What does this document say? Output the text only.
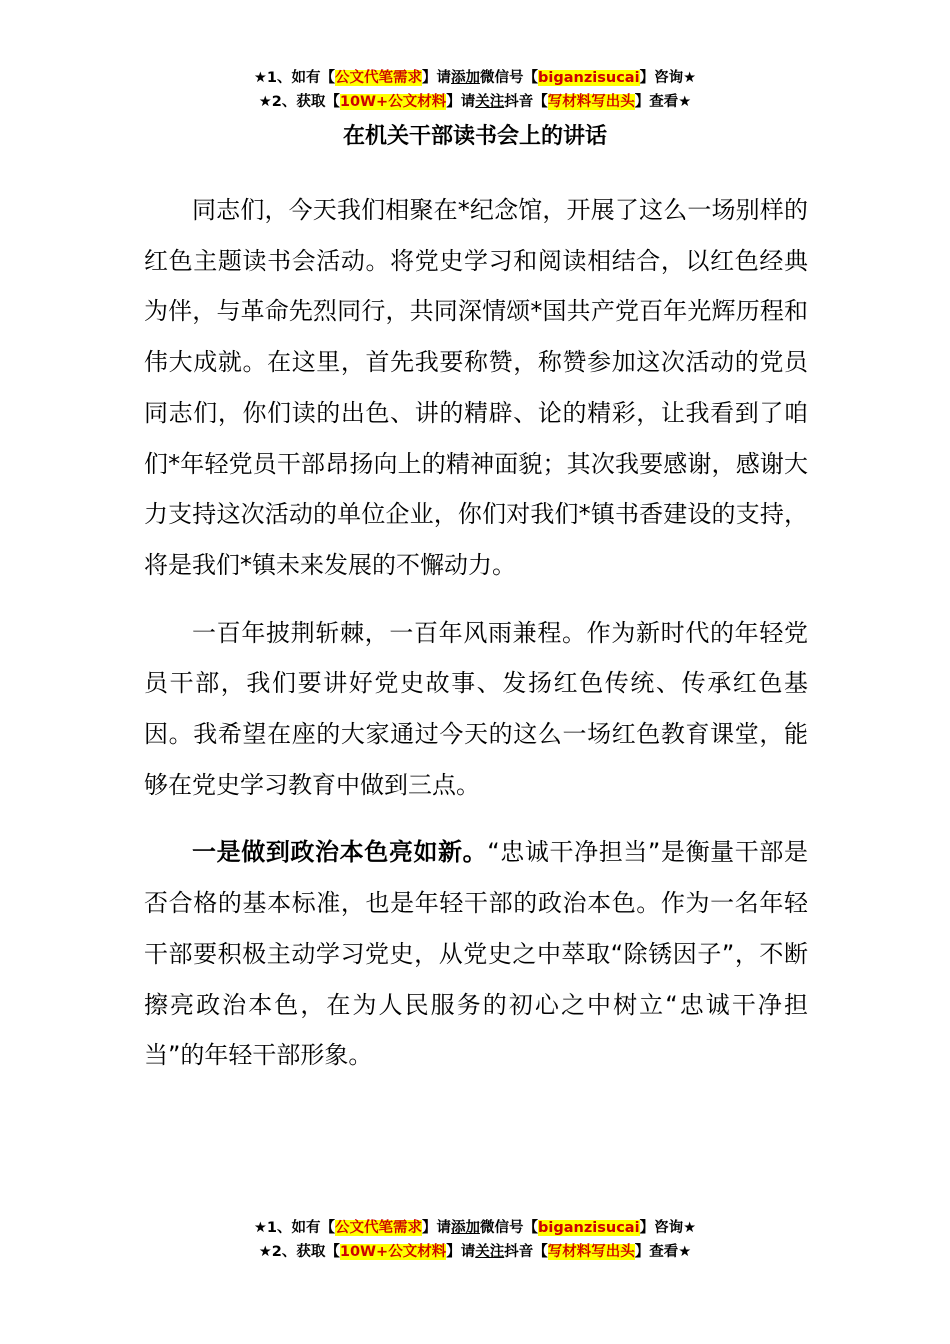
★1、如有【公文代笔需求】请添加微信号【biganzisucai】咨询★
★2、获取【10W+公文材料】请关注抖音【写材料写出头】查看★
在机关干部读书会上的讲话

同志们，今天我们相聚在*纪念馆，开展了这么一场别样的红色主题读书会活动。将党史学习和阅读相结合，以红色经典为伴，与革命先烈同行，共同深情颂*国共产党百年光辉历程和伟大成就。在这里，首先我要称赞，称赞参加这次活动的党员同志们，你们读的出色、讲的精辟、论的精彩，让我看到了咱们*年轻党员干部昂扬向上的精神面貌；其次我要感谢，感谢大力支持这次活动的单位企业，你们对我们*镇书香建设的支持，将是我们*镇未来发展的不懈动力。

一百年披荆斩棘，一百年风雨兼程。作为新时代的年轻党员干部，我们要讲好党史故事、发扬红色传统、传承红色基因。我希望在座的大家通过今天的这么一场红色教育课堂，能够在党史学习教育中做到三点。

一是做到政治本色亮如新。“忠诚干净担当”是衡量干部是否合格的基本标准，也是年轻干部的政治本色。作为一名年轻干部要积极主动学习党史，从党史之中萃取“除锈因子”，不断擦亮政治本色，在为人民服务的初心之中树立“忠诚干净担当”的年轻干部形象。

★1、如有【公文代笔需求】请添加微信号【biganzisucai】咨询★
★2、获取【10W+公文材料】请关注抖音【写材料写出头】查看★
